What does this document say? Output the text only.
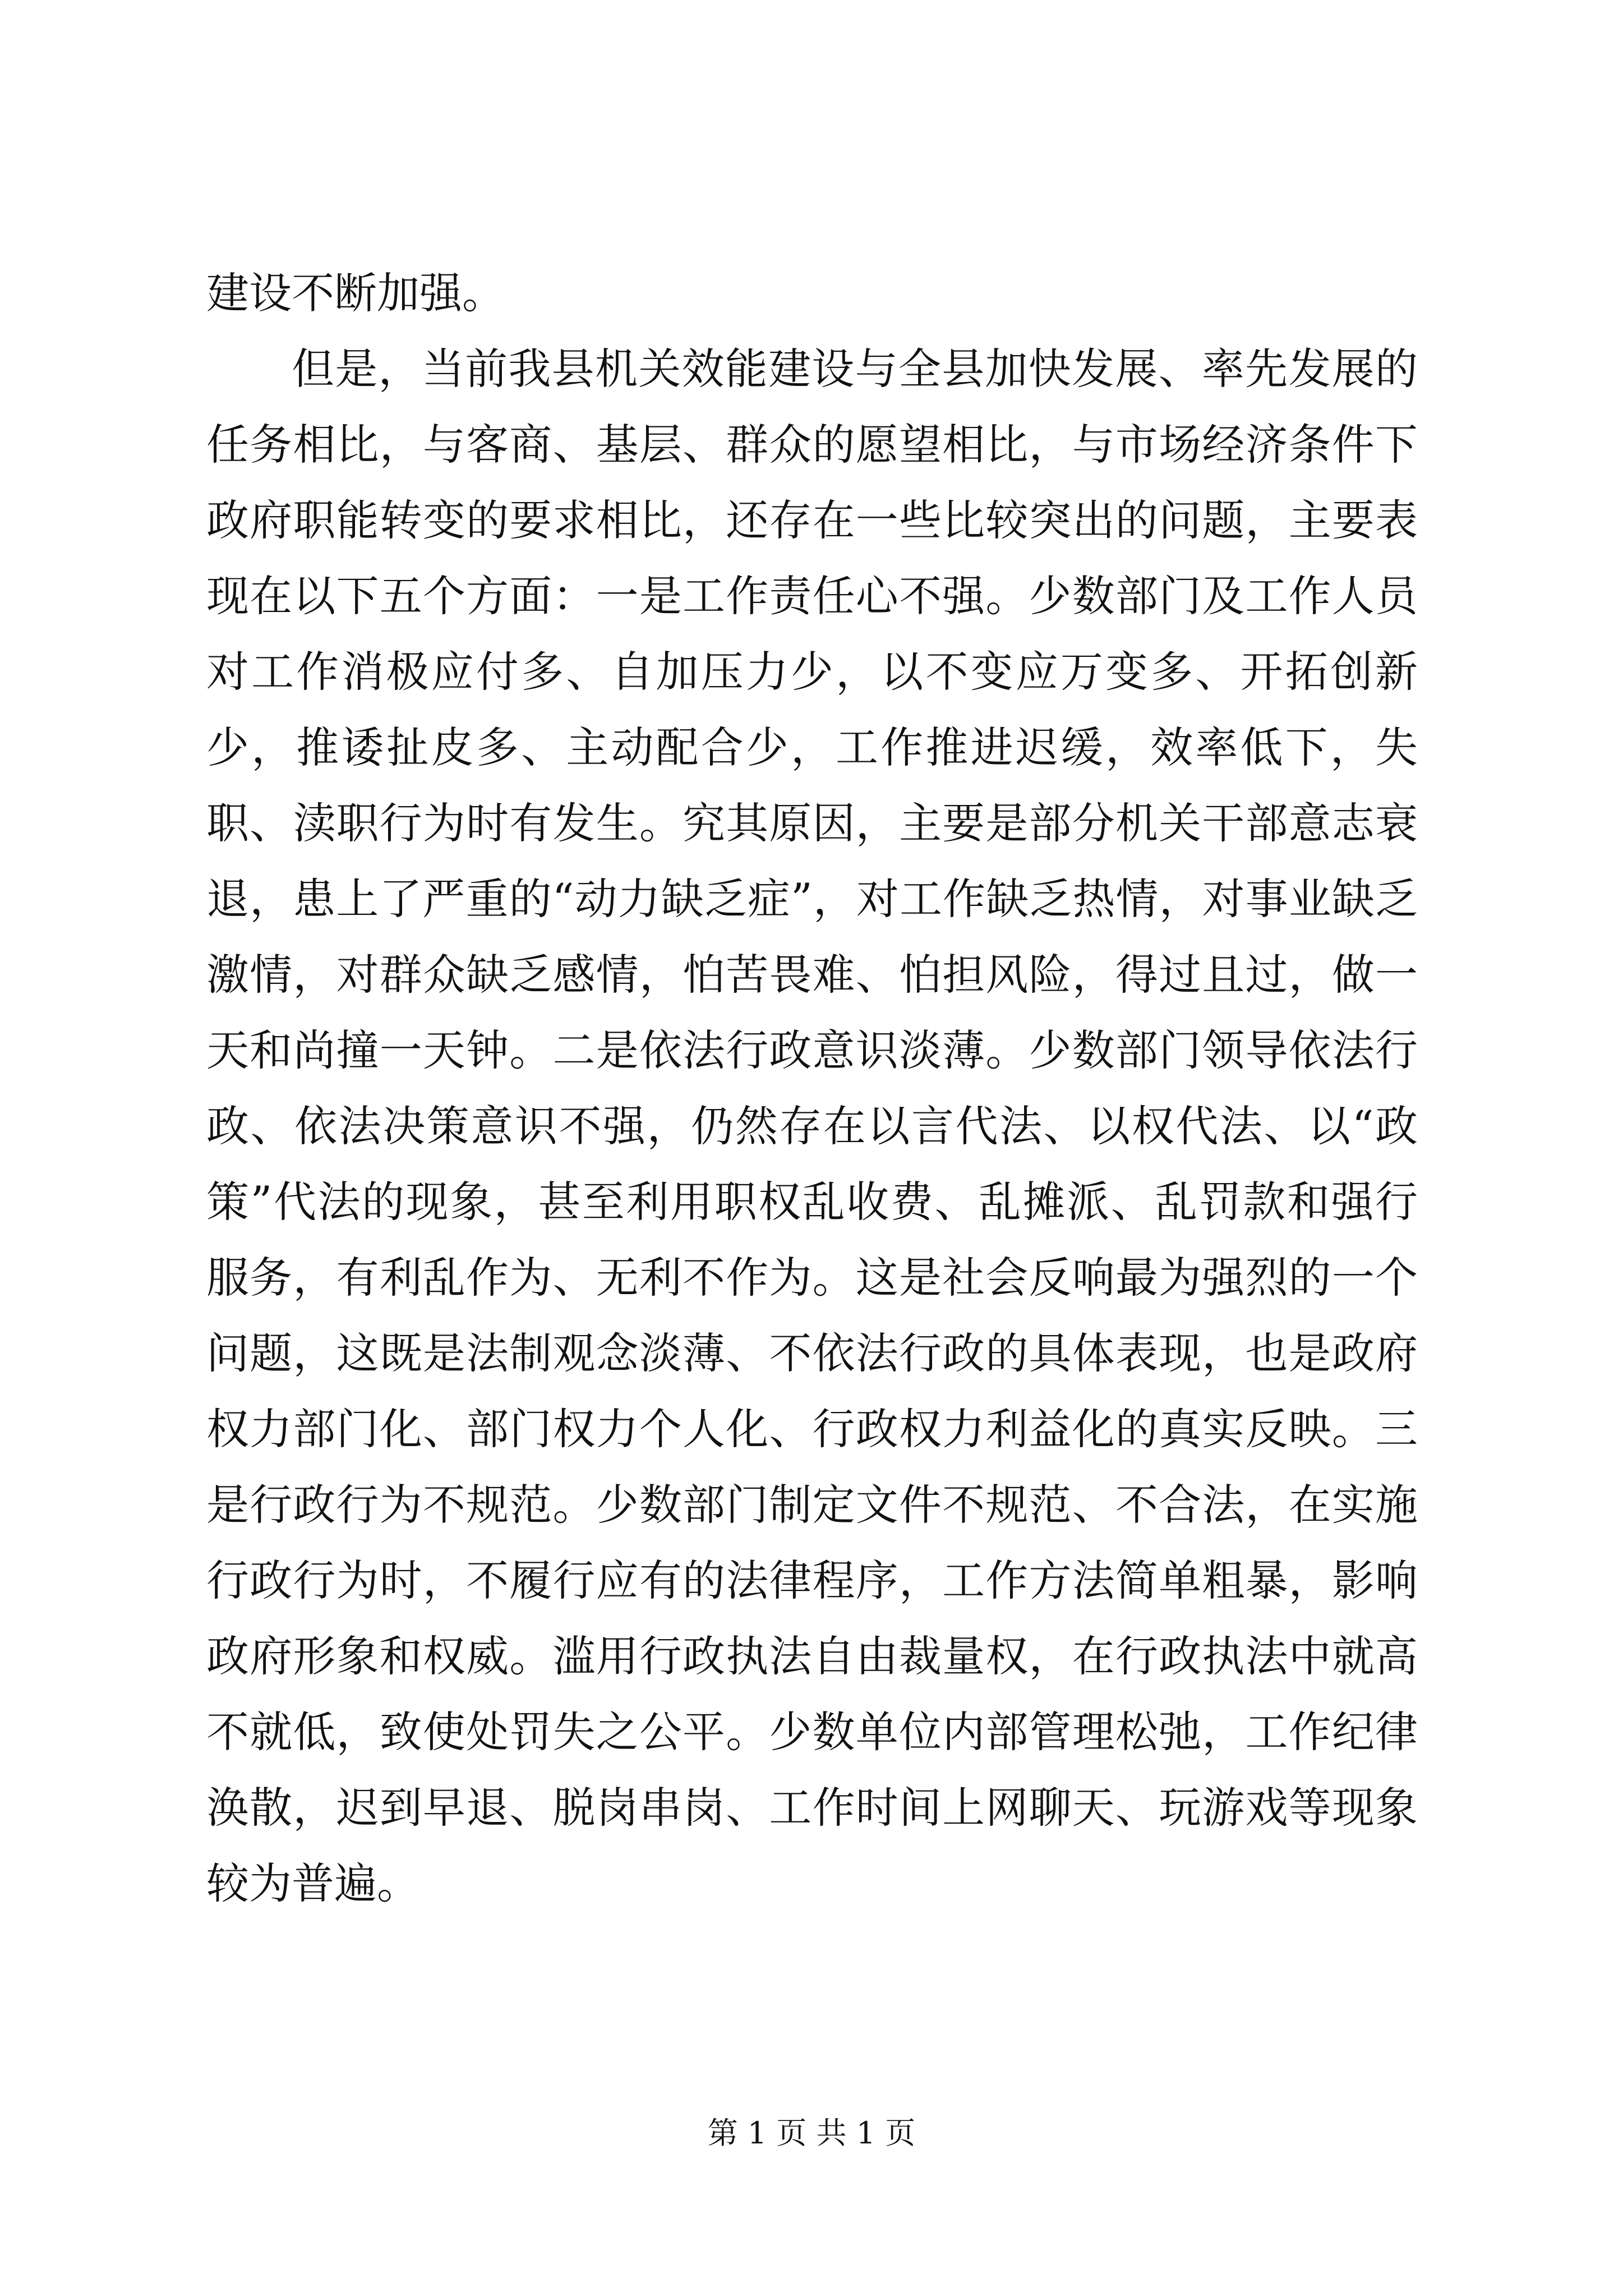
建设不断加强。

但是，当前我县机关效能建设与全县加快发展、率先发展的任务相比，与客商、基层、群众的愿望相比，与市场经济条件下政府职能转变的要求相比，还存在一些比较突出的问题，主要表现在以下五个方面：一是工作责任心不强。少数部门及工作人员对工作消极应付多、自加压力少，以不变应万变多、开拓创新少，推诿扯皮多、主动配合少，工作推进迟缓，效率低下，失职、渎职行为时有发生。究其原因，主要是部分机关干部意志衰退，患上了严重的“动力缺乏症”，对工作缺乏热情，对事业缺乏激情，对群众缺乏感情，怕苦畏难、怕担风险，得过且过，做一天和尚撞一天钟。二是依法行政意识淡薄。少数部门领导依法行政、依法决策意识不强，仍然存在以言代法、以权代法、以“政策”代法的现象，甚至利用职权乱收费、乱摊派、乱罚款和强行服务，有利乱作为、无利不作为。这是社会反响最为强烈的一个问题，这既是法制观念淡薄、不依法行政的具体表现，也是政府权力部门化、部门权力个人化、行政权力利益化的真实反映。三是行政行为不规范。少数部门制定文件不规范、不合法，在实施行政行为时，不履行应有的法律程序，工作方法简单粗暴，影响政府形象和权威。滥用行政执法自由裁量权，在行政执法中就高不就低，致使处罚失之公平。少数单位内部管理松弛，工作纪律涣散，迟到早退、脱岗串岗、工作时间上网聊天、玩游戏等现象较为普遍。

第 1 页 共 1 页
